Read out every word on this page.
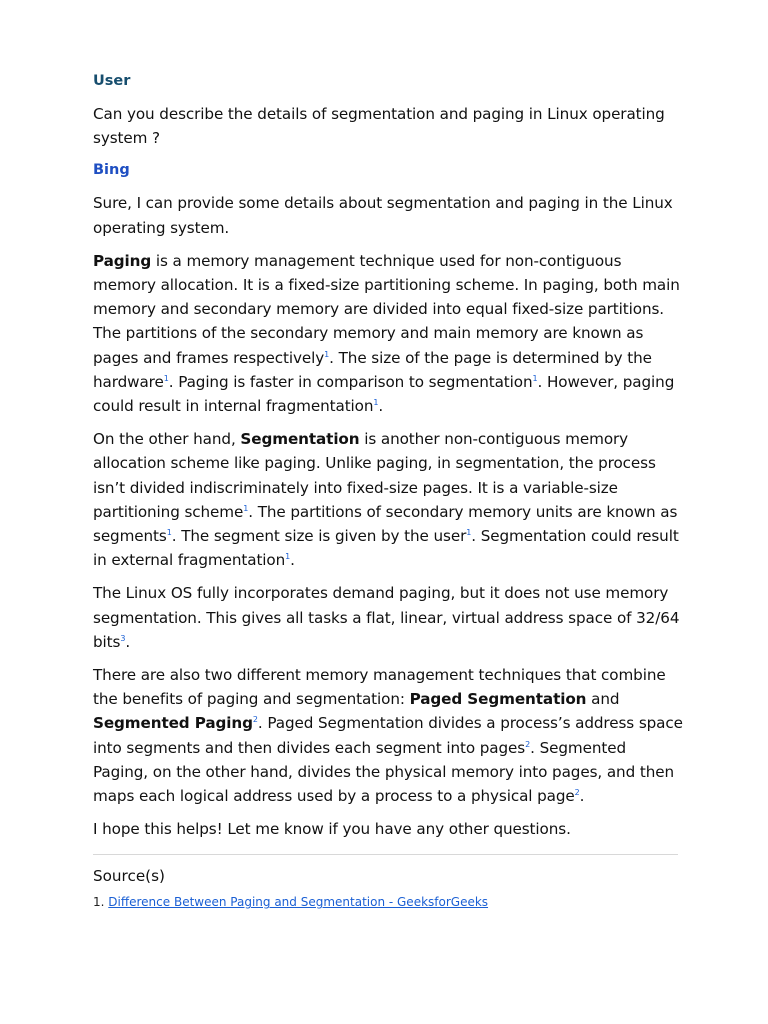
User

Can you describe the details of segmentation and paging in Linux operating system ?

Bing

Sure, I can provide some details about segmentation and paging in the Linux operating system.

Paging is a memory management technique used for non-contiguous memory allocation. It is a fixed-size partitioning scheme. In paging, both main memory and secondary memory are divided into equal fixed-size partitions. The partitions of the secondary memory and main memory are known as pages and frames respectively$^1$. The size of the page is determined by the hardware$^1$. Paging is faster in comparison to segmentation$^1$. However, paging could result in internal fragmentation$^1$.

On the other hand, Segmentation is another non-contiguous memory allocation scheme like paging. Unlike paging, in segmentation, the process isn’t divided indiscriminately into fixed-size pages. It is a variable-size partitioning scheme$^1$. The partitions of secondary memory units are known as segments$^1$. The segment size is given by the user$^1$. Segmentation could result in external fragmentation$^1$.

The Linux OS fully incorporates demand paging, but it does not use memory segmentation. This gives all tasks a flat, linear, virtual address space of 32/64 bits$^3$.

There are also two different memory management techniques that combine the benefits of paging and segmentation: Paged Segmentation and Segmented Paging$^2$. Paged Segmentation divides a process’s address space into segments and then divides each segment into pages$^2$. Segmented Paging, on the other hand, divides the physical memory into pages, and then maps each logical address used by a process to a physical page$^2$.

I hope this helps! Let me know if you have any other questions.

Source(s)
1. Difference Between Paging and Segmentation - GeeksforGeeks
